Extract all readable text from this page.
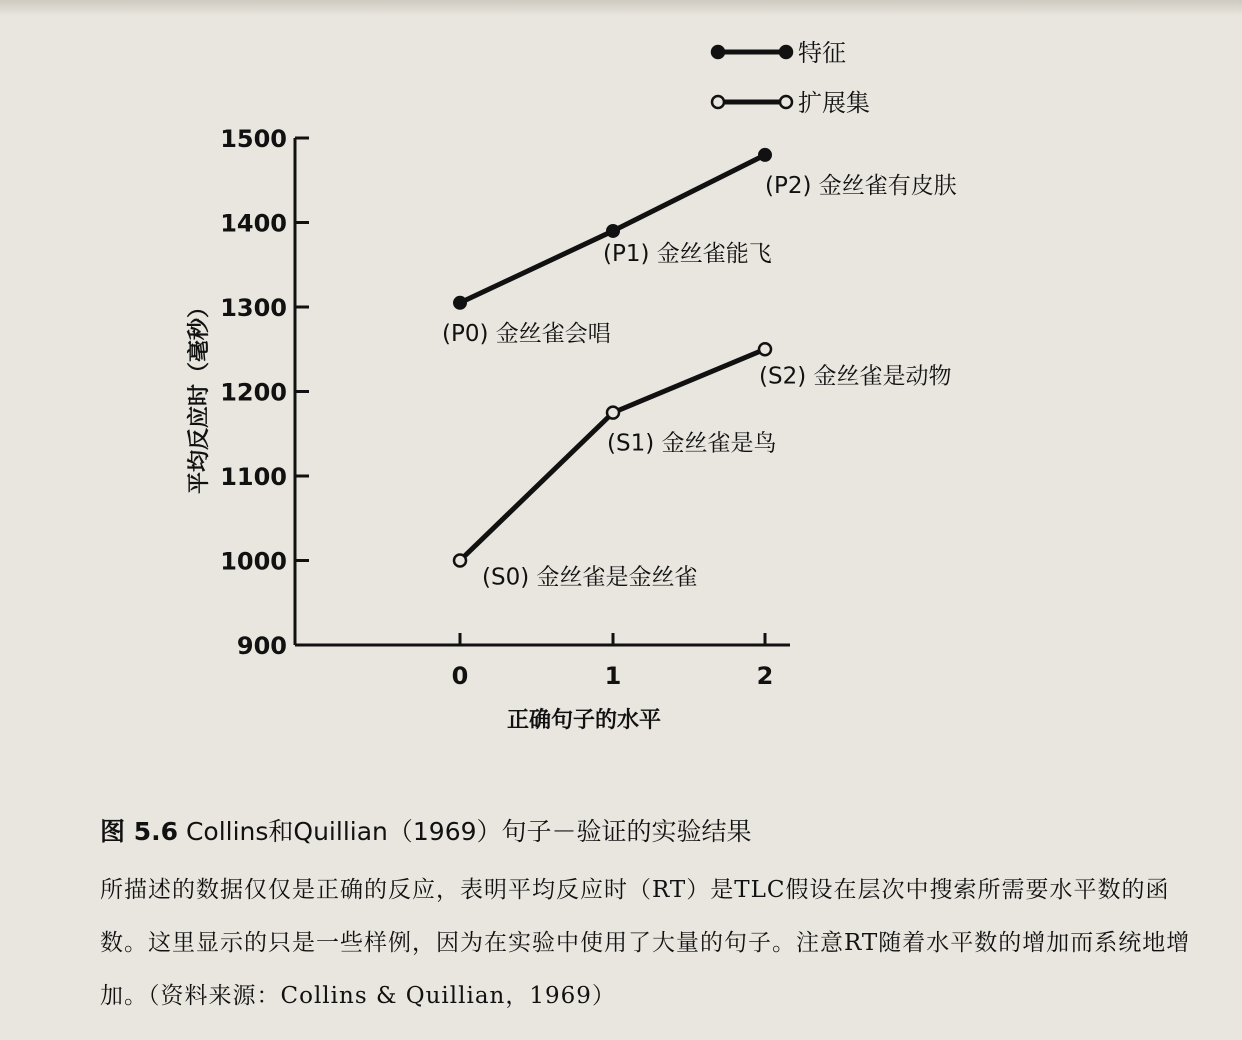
900
1000
1100
1200
1300
1400
1500
0	1	2
(P0) 金丝雀会唱
(P1) 金丝雀能飞
(P2) 金丝雀有皮肤
(S0) 金丝雀是金丝雀
(S1) 金丝雀是鸟
(S2) 金丝雀是动物
特征
扩展集
正确句子的水平
平均反应时（毫秒）
图 5.6 Collins和Quillian（1969）句子－验证的实验结果
所描述的数据仅仅是正确的反应，表明平均反应时（RT）是TLC假设在层次中搜索所需要水平数的函数。这里显示的只是一些样例，因为在实验中使用了大量的句子。注意RT随着水平数的增加而系统地增加。（资料来源：Collins & Quillian，1969）
